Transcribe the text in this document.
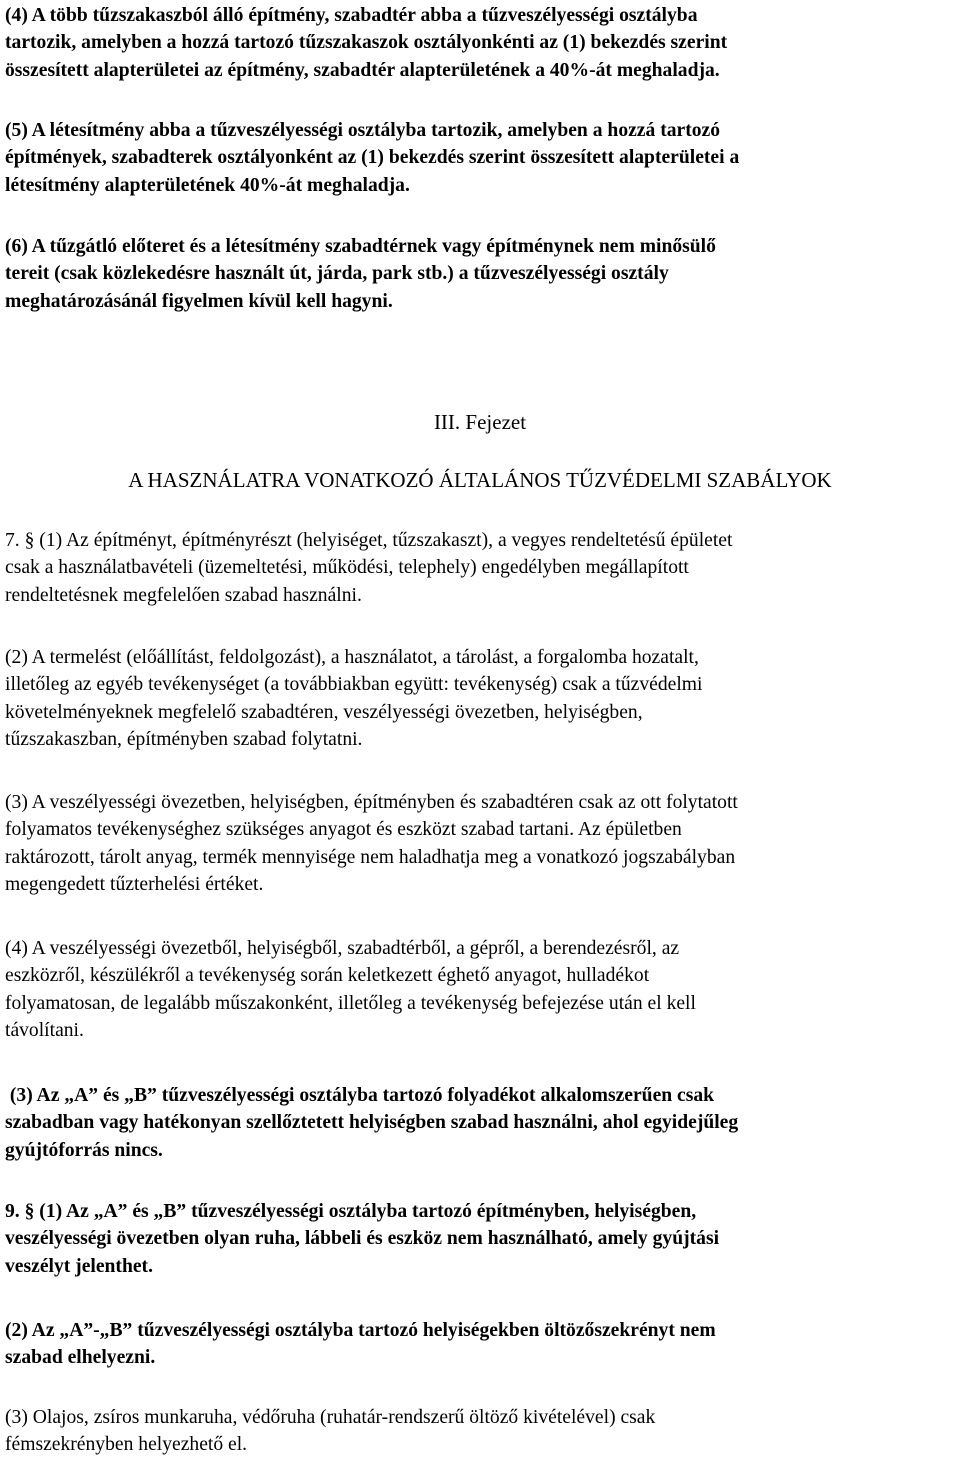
(4) A több tűzszakaszból álló építmény, szabadtér abba a tűzveszélyességi osztályba
tartozik, amelyben a hozzá tartozó tűzszakaszok osztályonkénti az (1) bekezdés szerint
összesített alapterületei az építmény, szabadtér alapterületének a 40%-át meghaladja.

(5) A létesítmény abba a tűzveszélyességi osztályba tartozik, amelyben a hozzá tartozó
építmények, szabadterek osztályonként az (1) bekezdés szerint összesített alapterületei a
létesítmény alapterületének 40%-át meghaladja.

(6) A tűzgátló előteret és a létesítmény szabadtérnek vagy építménynek nem minősülő
tereit (csak közlekedésre használt út, járda, park stb.) a tűzveszélyességi osztály
meghatározásánál figyelmen kívül kell hagyni.

III. Fejezet

A HASZNÁLATRA VONATKOZÓ ÁLTALÁNOS TŰZVÉDELMI SZABÁLYOK

7. § (1) Az építményt, építményrészt (helyiséget, tűzszakaszt), a vegyes rendeltetésű épületet
csak a használatbavételi (üzemeltetési, működési, telephely) engedélyben megállapított
rendeltetésnek megfelelően szabad használni.

(2) A termelést (előállítást, feldolgozást), a használatot, a tárolást, a forgalomba hozatalt,
illetőleg az egyéb tevékenységet (a továbbiakban együtt: tevékenység) csak a tűzvédelmi
követelményeknek megfelelő szabadtéren, veszélyességi övezetben, helyiségben,
tűzszakaszban, építményben szabad folytatni.

(3) A veszélyességi övezetben, helyiségben, építményben és szabadtéren csak az ott folytatott
folyamatos tevékenységhez szükséges anyagot és eszközt szabad tartani. Az épületben
raktározott, tárolt anyag, termék mennyisége nem haladhatja meg a vonatkozó jogszabályban
megengedett tűzterhelési értéket.

(4) A veszélyességi övezetből, helyiségből, szabadtérből, a gépről, a berendezésről, az
eszközről, készülékről a tevékenység során keletkezett éghető anyagot, hulladékot
folyamatosan, de legalább műszakonként, illetőleg a tevékenység befejezése után el kell
távolítani.

(3) Az „A” és „B” tűzveszélyességi osztályba tartozó folyadékot alkalomszerűen csak
szabadban vagy hatékonyan szellőztetett helyiségben szabad használni, ahol egyidejűleg
gyújtóforrás nincs.

9. § (1) Az „A” és „B” tűzveszélyességi osztályba tartozó építményben, helyiségben,
veszélyességi övezetben olyan ruha, lábbeli és eszköz nem használható, amely gyújtási
veszélyt jelenthet.

(2) Az „A”-„B” tűzveszélyességi osztályba tartozó helyiségekben öltözőszekrényt nem
szabad elhelyezni.

(3) Olajos, zsíros munkaruha, védőruha (ruhatár-rendszerű öltöző kivételével) csak
fémszekrényben helyezhető el.
